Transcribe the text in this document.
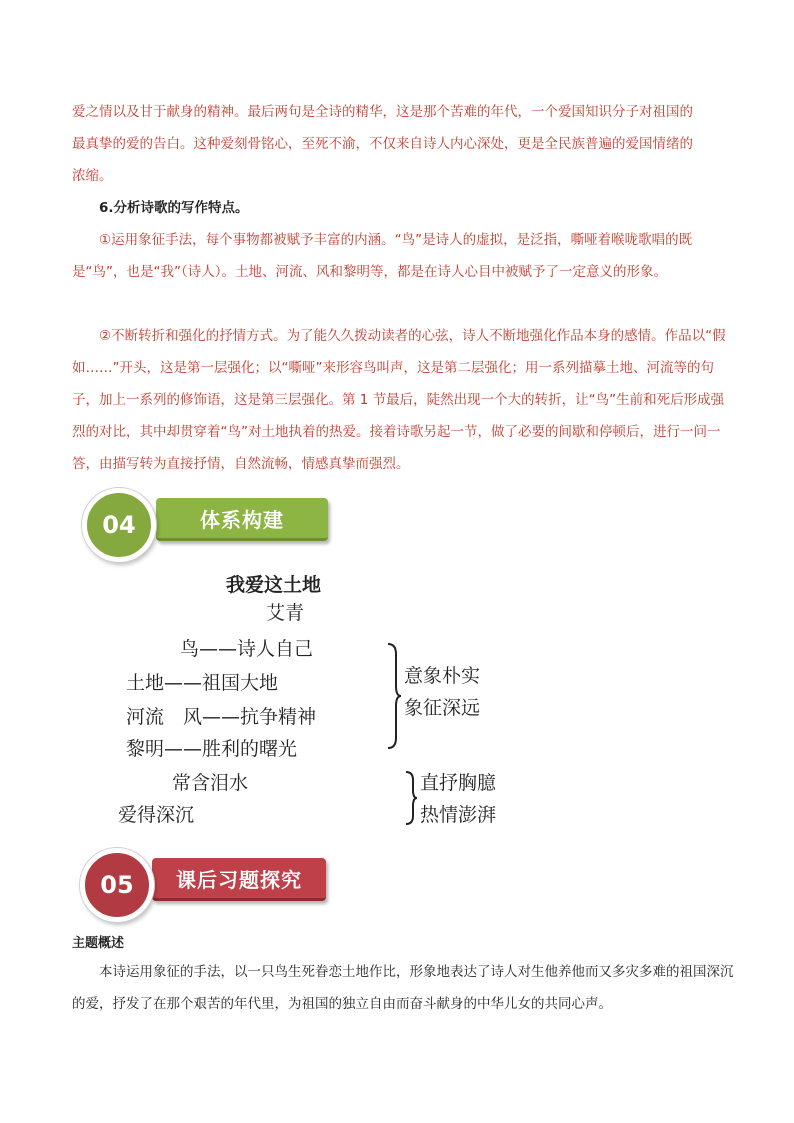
爱之情以及甘于献身的精神。最后两句是全诗的精华，这是那个苦难的年代，一个爱国知识分子对祖国的

最真挚的爱的告白。这种爱刻骨铭心，至死不渝，不仅来自诗人内心深处，更是全民族普遍的爱国情绪的

浓缩。

6.分析诗歌的写作特点。

①运用象征手法，每个事物都被赋予丰富的内涵。“鸟”是诗人的虚拟，是泛指，嘶哑着喉咙歌唱的既是“鸟”，也是“我”（诗人）。土地、河流、风和黎明等，都是在诗人心目中被赋予了一定意义的形象。

②不断转折和强化的抒情方式。为了能久久拨动读者的心弦，诗人不断地强化作品本身的感情。作品以“假如……”开头，这是第一层强化；以“嘶哑”来形容鸟叫声，这是第二层强化；用一系列描摹土地、河流等的句子，加上一系列的修饰语，这是第三层强化。第 1 节最后，陡然出现一个大的转折，让“鸟”生前和死后形成强烈的对比，其中却贯穿着“鸟”对土地执着的热爱。接着诗歌另起一节，做了必要的间歇和停顿后，进行一问一答，由描写转为直接抒情，自然流畅，情感真挚而强烈。

04	体系构建
我爱这土地
艾青
鸟——诗人自己
土地——祖国大地
河流　风——抗争精神
黎明——胜利的曙光
意象朴实
象征深远
常含泪水
爱得深沉
直抒胸臆
热情澎湃
05	课后习题探究

主题概述

本诗运用象征的手法，以一只鸟生死眷恋土地作比，形象地表达了诗人对生他养他而又多灾多难的祖国深沉的爱，抒发了在那个艰苦的年代里，为祖国的独立自由而奋斗献身的中华儿女的共同心声。
